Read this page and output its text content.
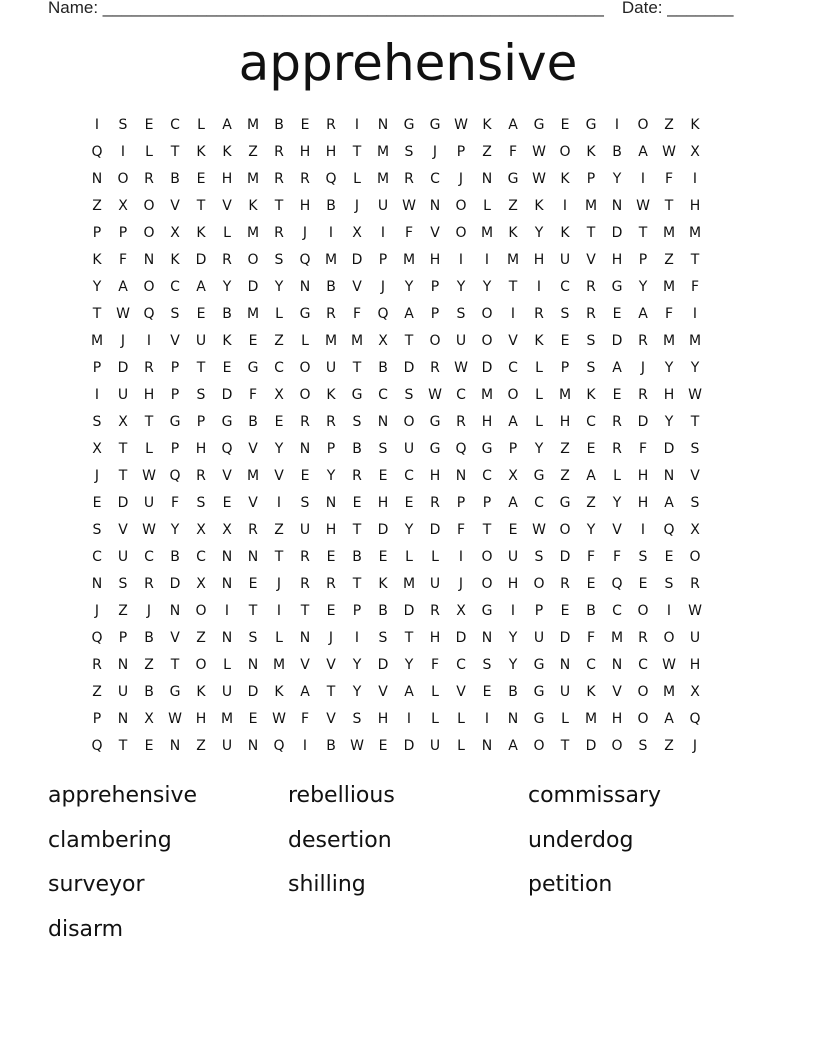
Name: _____________________________________________________ Date: _______
apprehensive
I	S	E	C	L	A	M	B	E	R	I	N	G	G W	K	A	G	E	G	I	O	Z	K
Q	I	L	T	K	K	Z	R	H	H	T	M	S	J	P	Z	F	W O	K	B	A	W	X
N	O	R	B	E	H	M	R	R	Q	L	M	R	C	J	N	G W	K	P	Y	I	F	I
Z	X	O	V	T	V	K	T	H	B	J	U W N	O	L	Z	K	I	M	N W	T	H
P	P	O	X	K	L	M	R	J	I	X	I	F	V	O	M	K	Y	K	T	D	T	M M
K	F	N	K	D	R	O	S	Q	M	D	P	M	H	I	I	M	H	U	V	H	P	Z	T
Y	A	O	C	A	Y	D	Y	N	B	V	J	Y	P	Y	Y	T	I	C	R	G	Y	M	F
T	W Q	S	E	B	M	L	G	R	F	Q	A	P	S	O	I	R	S	R	E	A	F	I
M	J	I	V	U	K	E	Z	L	M M	X	T	O	U	O	V	K	E	S	D	R	M M
P	D	R	P	T	E	G	C	O	U	T	B	D	R	W D	C	L	P	S	A	J	Y	Y
I	U	H	P	S	D	F	X	O	K	G	C	S	W	C	M	O	L	M	K	E	R	H W
S	X	T	G	P	G	B	E	R	R	S	N	O	G	R	H	A	L	H	C	R	D	Y	T
X	T	L	P	H	Q	V	Y	N	P	B	S	U	G	Q	G	P	Y	Z	E	R	F	D	S
J	T	W Q	R	V	M	V	E	Y	R	E	C	H	N	C	X	G	Z	A	L	H	N	V
E	D	U	F	S	E	V	I	S	N	E	H	E	R	P	P	A	C	G	Z	Y	H	A	S
S	V	W	Y	X	X	R	Z	U	H	T	D	Y	D	F	T	E	W O	Y	V	I	Q	X
C	U	C	B	C	N	N	T	R	E	B	E	L	L	I	O	U	S	D	F	F	S	E	O
N	S	R	D	X	N	E	J	R	R	T	K	M	U	J	O	H	O	R	E	Q	E	S	R
J	Z	J	N	O	I	T	I	T	E	P	B	D	R	X	G	I	P	E	B	C	O	I	W
Q	P	B	V	Z	N	S	L	N	J	I	S	T	H	D	N	Y	U	D	F	M	R	O	U
R	N	Z	T	O	L	N	M	V	V	Y	D	Y	F	C	S	Y	G	N	C	N	C	W H
Z	U	B	G	K	U	D	K	A	T	Y	V	A	L	V	E	B	G	U	K	V	O	M	X
P	N	X	W H	M	E	W	F	V	S	H	I	L	L	I	N	G	L	M	H	O	A	Q
Q	T	E	N	Z	U	N	Q	I	B	W	E	D	U	L	N	A	O	T	D	O	S	Z	J
apprehensive	rebellious	commissary
clambering	desertion	underdog
surveyor	shilling	petition
disarm
